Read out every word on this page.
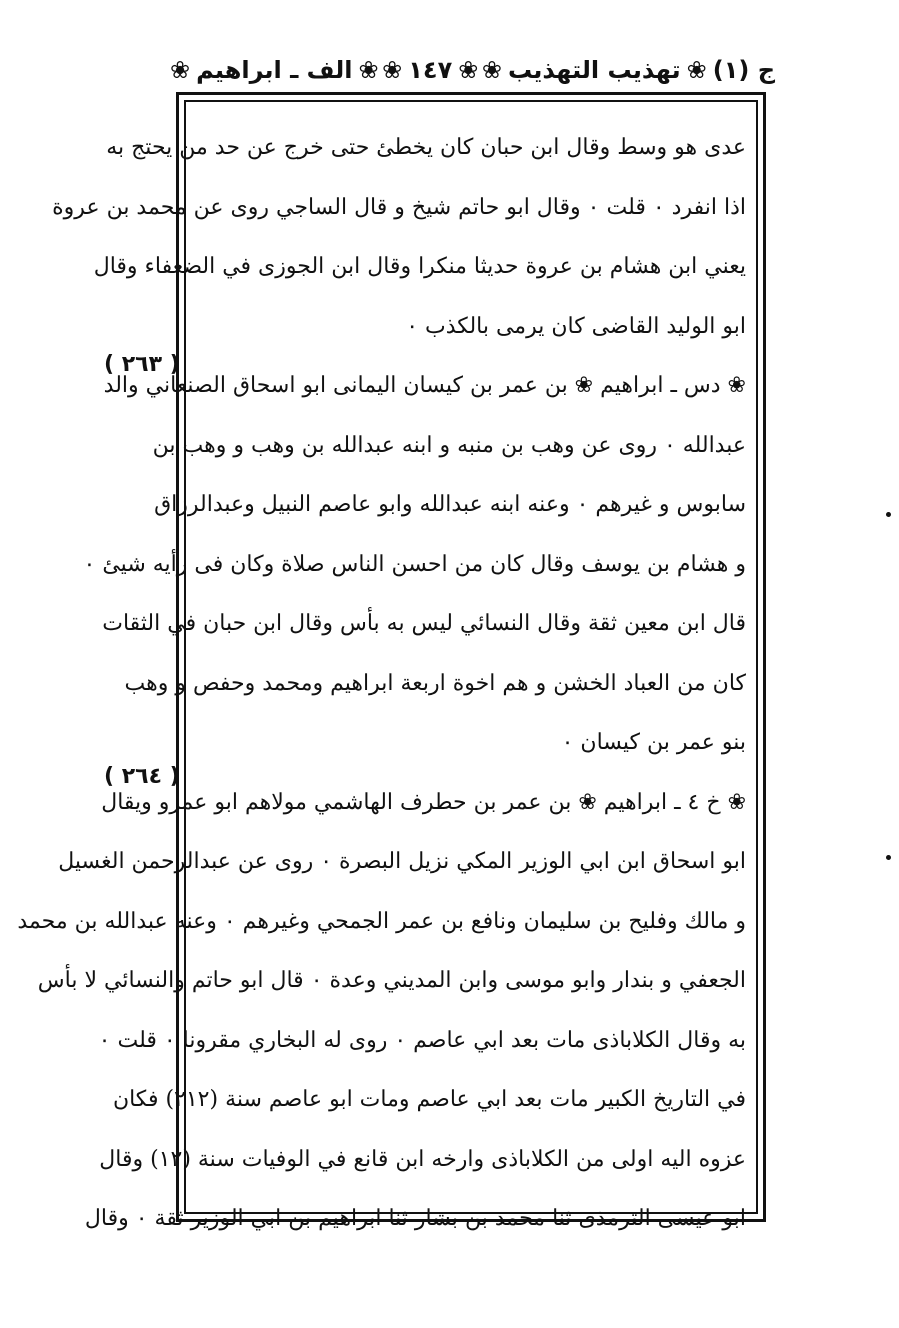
ج (١)
❀
تهذيب التهذيب
❀
❀
١٤٧
❀
❀
الف ـ ابراهيم
❀
( ٢٦٣ )
( ٢٦٤ )
عدى هو وسط وقال ابن حبان كان يخطئ حتى خرج عن حد من يحتج به
اذا انفرد ٠ قلت ٠ وقال ابو حاتم شيخ و قال الساجي روى عن محمد بن عروة
يعني ابن هشام بن عروة حديثا منكرا وقال ابن الجوزى في الضعفاء وقال
ابو الوليد القاضى كان يرمى بالكذب ٠
❀ دس ـ ابراهيم ❀ بن عمر بن كيسان اليمانى ابو اسحاق الصنعاني والد
عبدالله ٠ روى عن وهب بن منبه و ابنه عبدالله بن وهب و وهب بن
سابوس و غيرهم ٠ وعنه ابنه عبدالله وابو عاصم النبيل وعبدالرزاق
و هشام بن يوسف وقال كان من احسن الناس صلاة وكان فى رأيه شيئ ٠
قال ابن معين ثقة وقال النسائي ليس به بأس وقال ابن حبان في الثقات
كان من العباد الخشن و هم اخوة اربعة ابراهيم ومحمد وحفص و وهب
بنو عمر بن كيسان ٠
❀ خ ٤ ـ ابراهيم ❀ بن عمر بن حطرف الهاشمي مولاهم ابو عمرو ويقال
ابو اسحاق ابن ابي الوزير المكي نزيل البصرة ٠ روى عن عبدالرحمن الغسيل
و مالك وفليح بن سليمان ونافع بن عمر الجمحي وغيرهم ٠ وعنه عبدالله بن محمد
الجعفي و بندار وابو موسى وابن المديني وعدة ٠ قال ابو حاتم والنسائي لا بأس
به وقال الكلاباذى مات بعد ابي عاصم ٠ روى له البخاري مقرونا ٠ قلت ٠
في التاريخ الكبير مات بعد ابي عاصم ومات ابو عاصم سنة (٢١٢) فكان
عزوه اليه اولى من الكلاباذى وارخه ابن قانع في الوفيات سنة (١٢) وقال
ابو عيسى الترمذى ثنا محمد بن بشار ثنا ابراهيم بن ابي الوزير ثقة ٠ وقال
